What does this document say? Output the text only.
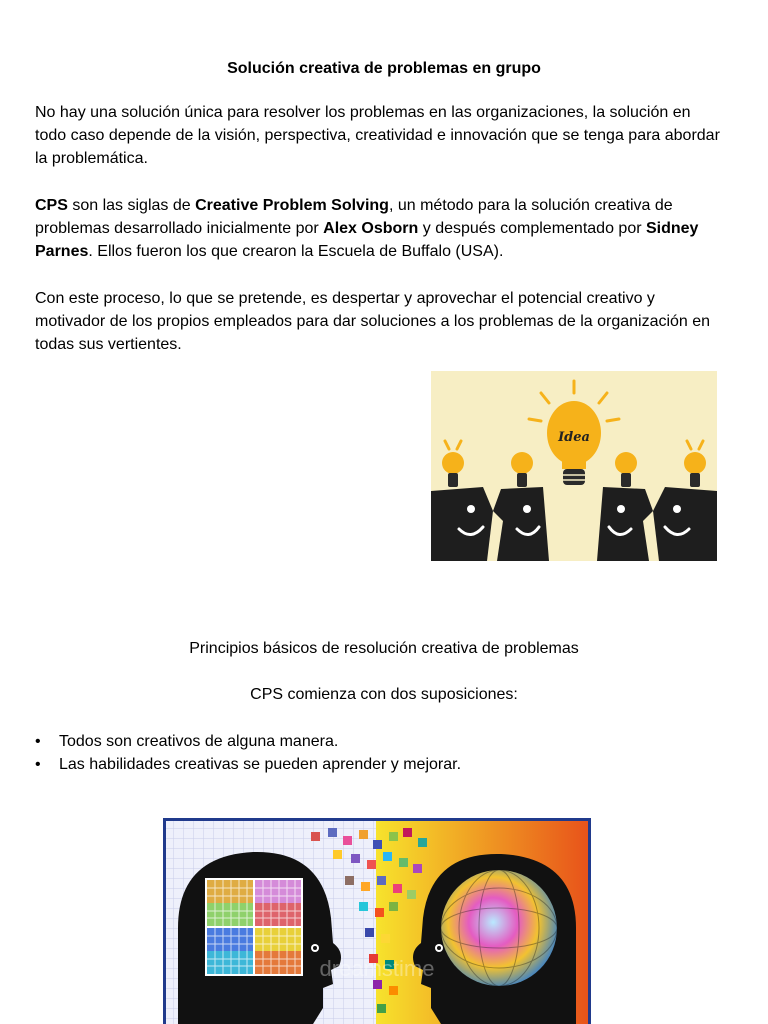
Solución creativa de problemas en grupo

No hay una solución única para resolver los problemas en las organizaciones, la solución en todo caso depende de la visión, perspectiva, creatividad e innovación que se tenga para abordar la problemática.

CPS son las siglas de Creative Problem Solving, un método para la solución creativa de problemas desarrollado inicialmente por Alex Osborn y después complementado por Sidney Parnes. Ellos fueron los que crearon la Escuela de Buffalo (USA).

Con este proceso, lo que se pretende, es despertar y aprovechar el potencial creativo y motivador de los propios empleados para dar soluciones a los problemas de la organización en todas sus vertientes.

Idea

Principios básicos de resolución creativa de problemas

CPS comienza con dos suposiciones:

• Todos son creativos de alguna manera.
• Las habilidades creativas se pueden aprender y mejorar.
dreamstime
